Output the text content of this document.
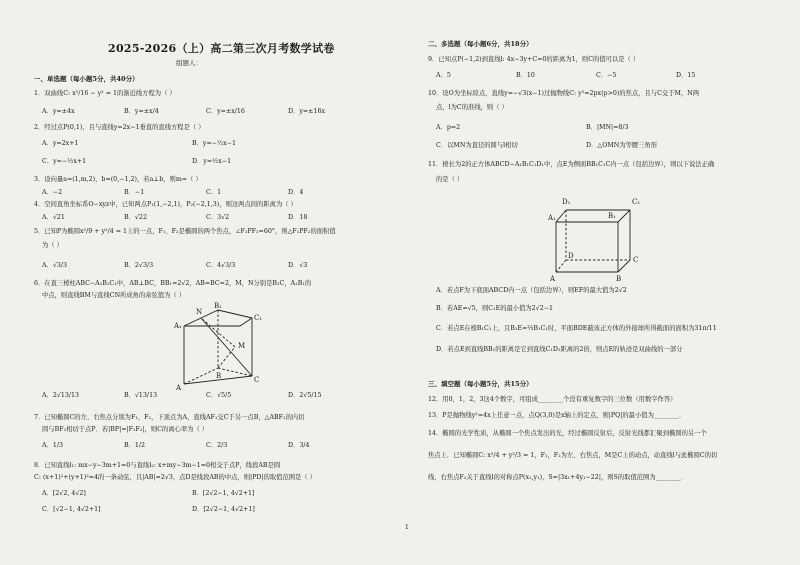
2025-2026（上）高二第三次月考数学试卷
组题人：
一、单选题（每小题5分，共40分）
1．双曲线C: x²/16 − y² = 1的渐近线方程为（ ）
A．y=±4x	B．y=±x/4	C．y=±x/16	D．y=±16x
2．经过点P(0,1)，且与直线y=2x−1垂直的直线方程是（ ）
A．y=2x+1	B．y=−½x−1
C．y=−½x+1	D．y=½x−1
3．设向量a=(1,m,2)，b=(0,−1,2)，若a⊥b，则m=（ ）
A．−2	B．−1	C．1	D．4
4．空间直角坐标系O−xyz中，已知两点P₁(1,−2,1)，P₂(−2,1,3)，则这两点间的距离为（ ）
A．√21	B．√22	C．3√2	D．18
5．已知P为椭圆x²/9 + y²/4 = 1上的一点，F₁、F₂是椭圆的两个焦点，∠F₁PF₂=60°，则△F₁PF₂的面积值
为（ ）
A．√3/3	B．2√3/3	C．4√3/3	D．√3
6．在直三棱柱ABC−A₁B₁C₁中，AB⊥BC，BB₁=2√2，AB=BC=2，M，N分别是B₁C，A₁B₁的
中点，则直线BM与直线CN所成角的余弦值为（ ）
A₁
N
B₁
C₁
M
A
B	C
A．2√13/13	B．√13/13	C．√5/5	D．2√5/15
7．已知椭圆C的左、右焦点分别为F₁，F₂，下顶点为A，直线AF₁交C于另一点B，△ABF₂的内切
圆与BF₂相切于点P．若|BP|=|F₁F₂|，则C的离心率为（ ）
A．1/3	B．1/2	C．2/3	D．3/4
8．已知直线l₁: mx−y−3m+1=0与直线l₂: x+my−3m−1=0相交于点P，线段AB是圆
C: (x+1)²+(y+1)²=4的一条动弦，且|AB|=2√3，点D是线段AB的中点，则|PD|的取值范围是（ ）
A．[2√2, 4√2]	B．[2√2−1, 4√2+1]
C．[√2−1, 4√2+1]	D．[2√2−1, 4√2+1]
二、多选题（每小题6分，共18分）
9．已知点P(−1,2)到直线l: 4x−3y+C=0的距离为1，则C的值可以是（ ）
A．5	B．10	C．−5	D．15
10．设O为坐标原点，直线y=−√3(x−1)过抛物线C: y²=2px(p>0)的焦点，且与C交于M，N两
点，l为C的准线，则（ ）
A．p=2	B．|MN|=8/3
C．以MN为直径的圆与l相切	D．△OMN为等腰三角形
11．棱长为2的正方体ABCD−A₁B₁C₁D₁中，点E为侧面BB₁C₁C内一点（包括边界），则以下说法正确
的是（ ）
D₁	C₁
A₁	B₁
D	C
A	B
A．若点F为下底面ABCD内一点（包括边界），则EF的最大值为2√2
B．若AE=√5，则C₁E的最小值为2√2−1
C．若点E在棱B₁C₁上，且B₁E=⅔B₁C₁时，平面BDE截该正方体的外接球所得截面的面积为31π/11
D．若点E到直线BB₁的距离是它到直线C₁D₁距离的2倍，则点E的轨迹是双曲线的一部分
三、填空题（每小题5分，共15分）
12．用0，1，2，3这4个数字，可组成________个没有重复数字的三位数（用数字作答）
13．P是抛物线y²=4x上任意一点，点Q(3,0)是x轴上的定点，则|PQ|的最小值为________．
14．椭圆的光学性质，从椭圆一个焦点发出的光，经过椭圆反射后，反射光线都汇聚到椭圆的另一个
焦点上．已知椭圆C: x²/4 + y²/3 = 1，F₁，F₂为左、右焦点，M是C上的动点，动直线l与此椭圆C的切
线，右焦点F₂关于直线l的对称点P(x₁,y₁)，S=|3x₁+4y₁−22|，则S的取值范围为________．
1
